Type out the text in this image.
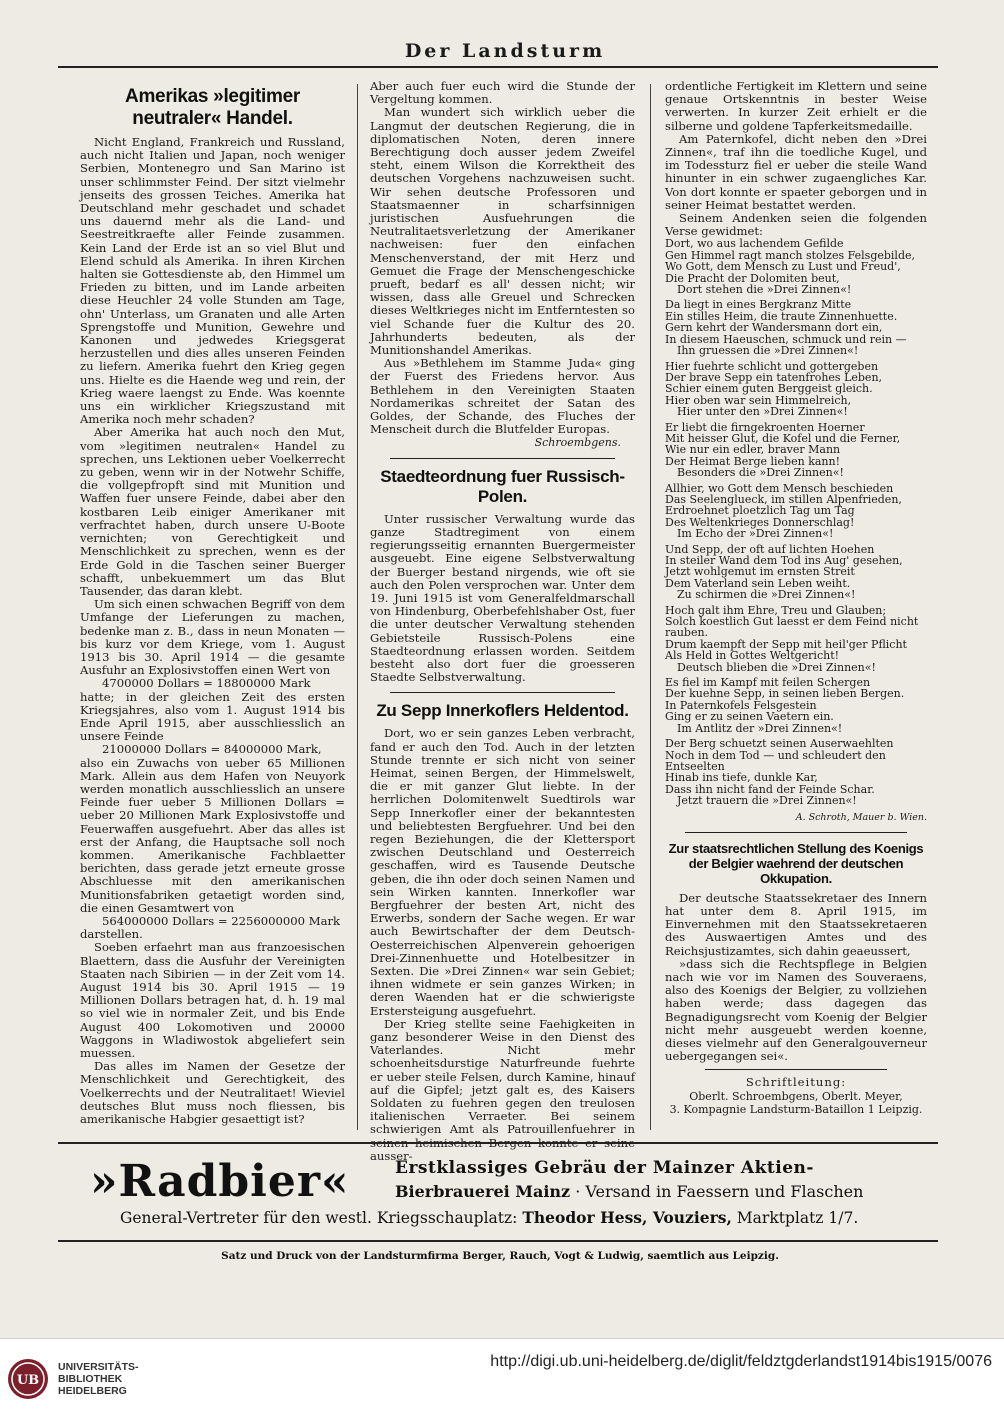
Der Landsturm
Amerikas »legitimer neutraler« Handel.

Nicht England, Frankreich und Russland, auch nicht Italien und Japan, noch weniger Serbien, Montenegro und San Marino ist unser schlimmster Feind. Der sitzt vielmehr jenseits des grossen Teiches. Amerika hat Deutschland mehr geschadet und schadet uns dauernd mehr als die Land- und Seestreitkraefte aller Feinde zusammen. Kein Land der Erde ist an so viel Blut und Elend schuld als Amerika. In ihren Kirchen halten sie Gottesdienste ab, den Himmel um Frieden zu bitten, und im Lande arbeiten diese Heuchler 24 volle Stunden am Tage, ohn' Unterlass, um Granaten und alle Arten Sprengstoffe und Munition, Gewehre und Kanonen und jedwedes Kriegsgerat herzustellen und dies alles unseren Feinden zu liefern. Amerika fuehrt den Krieg gegen uns. Hielte es die Haende weg und rein, der Krieg waere laengst zu Ende. Was koennte uns ein wirklicher Kriegszustand mit Amerika noch mehr schaden?

Aber Amerika hat auch noch den Mut, vom »legitimen neutralen« Handel zu sprechen, uns Lektionen ueber Voelkerrecht zu geben, wenn wir in der Notwehr Schiffe, die vollgepfropft sind mit Munition und Waffen fuer unsere Feinde, dabei aber den kostbaren Leib einiger Amerikaner mit verfrachtet haben, durch unsere U-Boote vernichten; von Gerechtigkeit und Menschlichkeit zu sprechen, wenn es der Erde Gold in die Taschen seiner Buerger schafft, unbekuemmert um das Blut Tausender, das daran klebt.

Um sich einen schwachen Begriff von dem Umfange der Lieferungen zu machen, bedenke man z. B., dass in neun Monaten — bis kurz vor dem Kriege, vom 1. August 1913 bis 30. April 1914 — die gesamte Ausfuhr an Explosivstoffen einen Wert von

4700000 Dollars = 18800000 Mark

hatte; in der gleichen Zeit des ersten Kriegsjahres, also vom 1. August 1914 bis Ende April 1915, aber ausschliesslich an unsere Feinde

21000000 Dollars = 84000000 Mark,

also ein Zuwachs von ueber 65 Millionen Mark. Allein aus dem Hafen von Neuyork werden monatlich ausschliesslich an unsere Feinde fuer ueber 5 Millionen Dollars = ueber 20 Millionen Mark Explosivstoffe und Feuerwaffen ausgefuehrt. Aber das alles ist erst der Anfang, die Hauptsache soll noch kommen. Amerikanische Fachblaetter berichten, dass gerade jetzt erneute grosse Abschluesse mit den amerikanischen Munitionsfabriken getaetigt worden sind, die einen Gesamtwert von

564000000 Dollars = 2256000000 Mark

darstellen.

Soeben erfaehrt man aus franzoesischen Blaettern, dass die Ausfuhr der Vereinigten Staaten nach Sibirien — in der Zeit vom 14. August 1914 bis 30. April 1915 — 19 Millionen Dollars betragen hat, d. h. 19 mal so viel wie in normaler Zeit, und bis Ende August 400 Lokomotiven und 20000 Waggons in Wladiwostok abgeliefert sein muessen.

Das alles im Namen der Gesetze der Menschlichkeit und Gerechtigkeit, des Voelkerrechts und der Neutralitaet! Wieviel deutsches Blut muss noch fliessen, bis amerikanische Habgier gesaettigt ist?

Aber auch fuer euch wird die Stunde der Vergeltung kommen.

Man wundert sich wirklich ueber die Langmut der deutschen Regierung, die in diplomatischen Noten, deren innere Berechtigung doch ausser jedem Zweifel steht, einem Wilson die Korrektheit des deutschen Vorgehens nachzuweisen sucht. Wir sehen deutsche Professoren und Staatsmaenner in scharfsinnigen juristischen Ausfuehrungen die Neutralitaetsverletzung der Amerikaner nachweisen: fuer den einfachen Menschenverstand, der mit Herz und Gemuet die Frage der Menschengeschicke prueft, bedarf es all' dessen nicht; wir wissen, dass alle Greuel und Schrecken dieses Weltkrieges nicht im Entferntesten so viel Schande fuer die Kultur des 20. Jahrhunderts bedeuten, als der Munitionshandel Amerikas.

Aus »Bethlehem im Stamme Juda« ging der Fuerst des Friedens hervor. Aus Bethlehem in den Vereinigten Staaten Nordamerikas schreitet der Satan des Goldes, der Schande, des Fluches der Menscheit durch die Blutfelder Europas.

Schroembgens.

Staedteordnung fuer Russisch-Polen.

Unter russischer Verwaltung wurde das ganze Stadtregiment von einem regierungsseitig ernannten Buergermeister ausgeuebt. Eine eigene Selbstverwaltung der Buerger bestand nirgends, wie oft sie auch den Polen versprochen war. Unter dem 19. Juni 1915 ist vom Generalfeldmarschall von Hindenburg, Oberbefehlshaber Ost, fuer die unter deutscher Verwaltung stehenden Gebietsteile Russisch-Polens eine Staedteordnung erlassen worden. Seitdem besteht also dort fuer die groesseren Staedte Selbstverwaltung.

Zu Sepp Innerkoflers Heldentod.

Dort, wo er sein ganzes Leben verbracht, fand er auch den Tod. Auch in der letzten Stunde trennte er sich nicht von seiner Heimat, seinen Bergen, der Himmelswelt, die er mit ganzer Glut liebte. In der herrlichen Dolomitenwelt Suedtirols war Sepp Innerkofler einer der bekanntesten und beliebtesten Bergfuehrer. Und bei den regen Beziehungen, die der Klettersport zwischen Deutschland und Oesterreich geschaffen, wird es Tausende Deutsche geben, die ihn oder doch seinen Namen und sein Wirken kannten. Innerkofler war Bergfuehrer der besten Art, nicht des Erwerbs, sondern der Sache wegen. Er war auch Bewirtschafter der dem Deutsch-Oesterreichischen Alpenverein gehoerigen Drei-Zinnenhuette und Hotelbesitzer in Sexten. Die »Drei Zinnen« war sein Gebiet; ihnen widmete er sein ganzes Wirken; in deren Waenden hat er die schwierigste Erstersteigung ausgefuehrt.

Der Krieg stellte seine Faehigkeiten in ganz besonderer Weise in den Dienst des Vaterlandes. Nicht mehr schoenheitsdurstige Naturfreunde fuehrte er ueber steile Felsen, durch Kamine, hinauf auf die Gipfel; jetzt galt es, des Kaisers Soldaten zu fuehren gegen den treulosen italienischen Verraeter. Bei seinem schwierigen Amt als Patrouillenfuehrer in seinen heimischen Bergen konnte er seine ausser-

ordentliche Fertigkeit im Klettern und seine genaue Ortskenntnis in bester Weise verwerten. In kurzer Zeit erhielt er die silberne und goldene Tapferkeitsmedaille.

Am Paternkofel, dicht neben den »Drei Zinnen«, traf ihn die toedliche Kugel, und im Todessturz fiel er ueber die steile Wand hinunter in ein schwer zugaengliches Kar. Von dort konnte er spaeter geborgen und in seiner Heimat bestattet werden.

Seinem Andenken seien die folgenden Verse gewidmet:

Dort, wo aus lachendem Gefilde
Gen Himmel ragt manch stolzes Felsgebilde,
Wo Gott, dem Mensch zu Lust und Freud',
Die Pracht der Dolomiten beut,
Dort stehen die »Drei Zinnen«!
Da liegt in eines Bergkranz Mitte
Ein stilles Heim, die traute Zinnenhuette.
Gern kehrt der Wandersmann dort ein,
In diesem Haeuschen, schmuck und rein —
Ihn gruessen die »Drei Zinnen«!
Hier fuehrte schlicht und gottergeben
Der brave Sepp ein tatenfrohes Leben,
Schier einem guten Berggeist gleich.
Hier oben war sein Himmelreich,
Hier unter den »Drei Zinnen«!
Er liebt die firngekroenten Hoerner
Mit heisser Glut, die Kofel und die Ferner,
Wie nur ein edler, braver Mann
Der Heimat Berge lieben kann!
Besonders die »Drei Zinnen«!
Allhier, wo Gott dem Mensch beschieden
Das Seelenglueck, im stillen Alpenfrieden,
Erdroehnet ploetzlich Tag um Tag
Des Weltenkrieges Donnerschlag!
Im Echo der »Drei Zinnen«!
Und Sepp, der oft auf lichten Hoehen
In steiler Wand dem Tod ins Aug' gesehen,
Jetzt wohlgemut im ernsten Streit
Dem Vaterland sein Leben weiht.
Zu schirmen die »Drei Zinnen«!
Hoch galt ihm Ehre, Treu und Glauben;
Solch koestlich Gut laesst er dem Feind nicht
rauben.
Drum kaempft der Sepp mit heil'ger Pflicht
Als Held in Gottes Weltgericht!
Deutsch blieben die »Drei Zinnen«!
Es fiel im Kampf mit feilen Schergen
Der kuehne Sepp, in seinen lieben Bergen.
In Paternkofels Felsgestein
Ging er zu seinen Vaetern ein.
Im Antlitz der »Drei Zinnen«!
Der Berg schuetzt seinen Auserwaehlten
Noch in dem Tod — und schleudert den Entseelten
Hinab ins tiefe, dunkle Kar,
Dass ihn nicht fand der Feinde Schar.
Jetzt trauern die »Drei Zinnen«!

A. Schroth, Mauer b. Wien.

Zur staatsrechtlichen Stellung des Koenigs der Belgier waehrend der deutschen Okkupation.

Der deutsche Staatssekretaer des Innern hat unter dem 8. April 1915, im Einvernehmen mit den Staatssekretaeren des Auswaertigen Amtes und des Reichsjustizamtes, sich dahin geaeussert,

»dass sich die Rechtspflege in Belgien nach wie vor im Namen des Souveraens, also des Koenigs der Belgier, zu vollziehen haben werde; dass dagegen das Begnadigungsrecht vom Koenig der Belgier nicht mehr ausgeuebt werden koenne, dieses vielmehr auf den Generalgouverneur uebergegangen sei«.

Schriftleitung:

Oberlt. Schroembgens, Oberlt. Meyer,

3. Kompagnie Landsturm-Bataillon 1 Leipzig.

»Radbier«	Erstklassiges Gebräu der Mainzer Aktien-
Bierbrauerei Mainz · Versand in Faessern und Flaschen
General-Vertreter für den westl. Kriegsschauplatz: Theodor Hess, Vouziers, Marktplatz 1/7.
Satz und Druck von der Landsturmfirma Berger, Rauch, Vogt & Ludwig, saemtlich aus Leipzig.
UB
UNIVERSITÄTS-
BIBLIOTHEK
HEIDELBERG
http://digi.ub.uni-heidelberg.de/diglit/feldztgderlandst1914bis1915/0076
